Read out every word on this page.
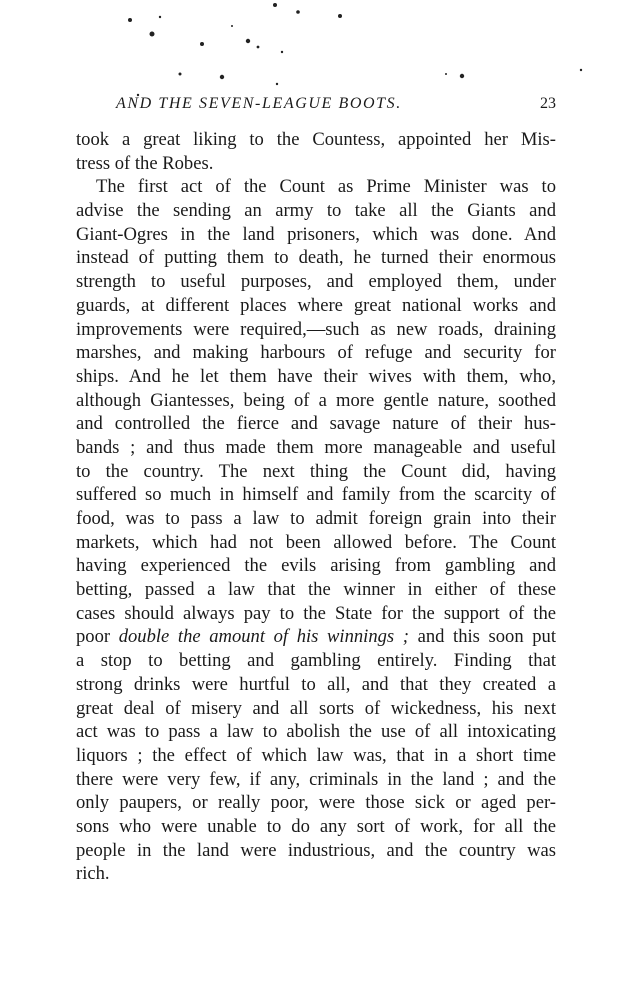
AND THE SEVEN-LEAGUE BOOTS.	23
took a great liking to the Countess, appointed her Mis-
tress of the Robes.
The first act of the Count as Prime Minister was to
advise the sending an army to take all the Giants and
Giant-Ogres in the land prisoners, which was done. And
instead of putting them to death, he turned their enormous
strength to useful purposes, and employed them, under
guards, at different places where great national works and
improvements were required,—such as new roads, draining
marshes, and making harbours of refuge and security for
ships. And he let them have their wives with them, who,
although Giantesses, being of a more gentle nature, soothed
and controlled the fierce and savage nature of their hus-
bands ; and thus made them more manageable and useful
to the country. The next thing the Count did, having
suffered so much in himself and family from the scarcity of
food, was to pass a law to admit foreign grain into their
markets, which had not been allowed before. The Count
having experienced the evils arising from gambling and
betting, passed a law that the winner in either of these
cases should always pay to the State for the support of the
poor double the amount of his winnings ; and this soon put
a stop to betting and gambling entirely. Finding that
strong drinks were hurtful to all, and that they created a
great deal of misery and all sorts of wickedness, his next
act was to pass a law to abolish the use of all intoxicating
liquors ; the effect of which law was, that in a short time
there were very few, if any, criminals in the land ; and the
only paupers, or really poor, were those sick or aged per-
sons who were unable to do any sort of work, for all the
people in the land were industrious, and the country was
rich.
